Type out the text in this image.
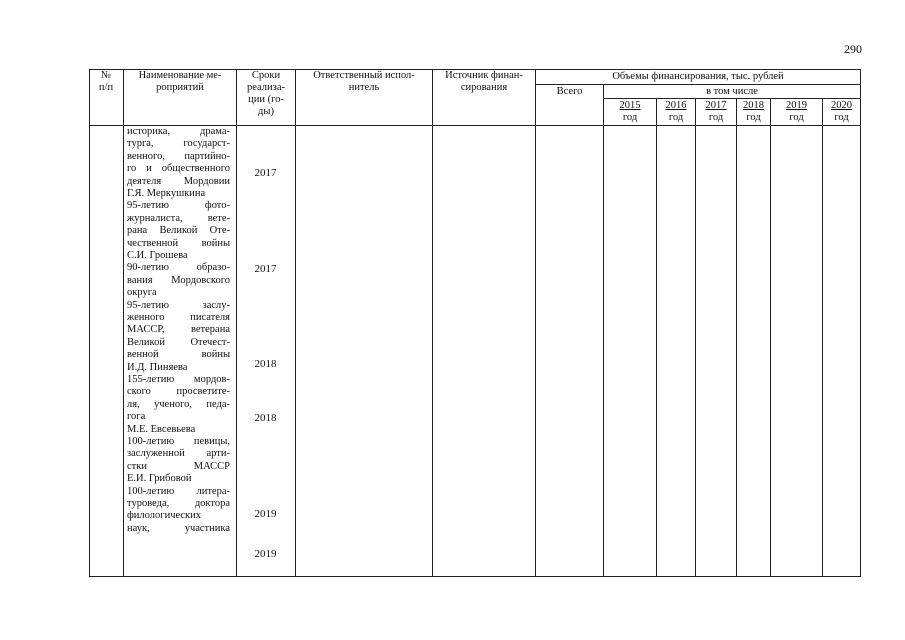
290
№
п/п
Наименование ме-
роприятий
Сроки
реализа-
ции (го-
ды)
Ответственный испол-
нитель
Источник финан-
сирования
Объемы финансирования, тыс. рублей
Всего	в том числе
2015
год
2016
год
2017
год
2018
год
2019
год
2020
год
историка, драма-
турга, государст-
венного, партийно-
го и общественного
деятеля Мордовии
Г.Я. Меркушкина
95-летию фото-
журналиста, вете-
рана Великой Оте-
чественной войны
С.И. Грошева
90-летию образо-
вания Мордовского
округа
95-летию заслу-
женного писателя
МАССР, ветерана
Великой Отечест-
венной войны
И.Д. Пиняева
155-летию мордов-
ского просветите-
ля, ученого, педа-
гога
М.Е. Евсевьева
100-летию певицы,
заслуженной арти-
стки МАССР
Е.И. Грибовой
100-летию литера-
туроведа, доктора
филологических
наук, участника
2017
2017
2018
2018
2019
2019
